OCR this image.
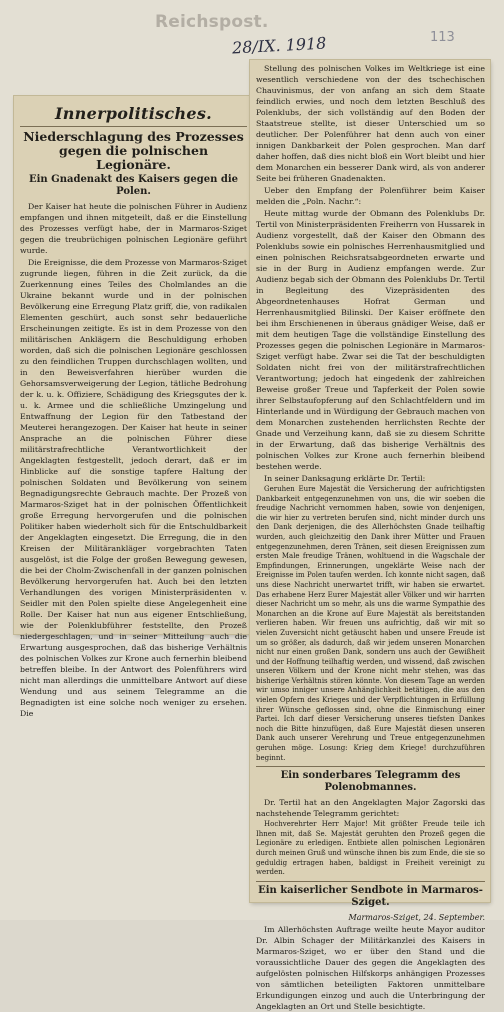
Reichspost.
28/IX. 1918	113
Innerpolitisches.
Niederschlagung des Prozesses gegen die polnischen Legionäre.
Ein Gnadenakt des Kaisers gegen die Polen.

Der Kaiser hat heute die polnischen Führer in Audienz empfangen und ihnen mitgeteilt, daß er die Einstellung des Prozesses verfügt habe, der in Marmaros-Sziget gegen die treubrüchigen polnischen Legionäre geführt wurde.

Die Ereignisse, die dem Prozesse von Marmaros-Sziget zugrunde liegen, führen in die Zeit zurück, da die Zuerkennung eines Teiles des Cholmlandes an die Ukraine bekannt wurde und in der polnischen Bevölkerung eine Erregung Platz griff, die, von radikalen Elementen geschürt, auch sonst sehr bedauerliche Erscheinungen zeitigte. Es ist in dem Prozesse von den militärischen Anklägern die Beschuldigung erhoben worden, daß sich die polnischen Legionäre geschlossen zu den feindlichen Truppen durchschlagen wollten, und in den Beweisverfahren hierüber wurden die Gehorsamsverweigerung der Legion, tätliche Bedrohung der k. u. k. Offiziere, Schädigung des Kriegsgutes der k. u. k. Armee und die schließliche Umzingelung und Entwaffnung der Legion für den Tatbestand der Meuterei herangezogen. Der Kaiser hat heute in seiner Ansprache an die polnischen Führer diese militärstrafrechtliche Verantwortlichkeit der Angeklagten festgestellt, jedoch derart, daß er im Hinblicke auf die sonstige tapfere Haltung der polnischen Soldaten und Bevölkerung von seinem Begnadigungsrechte Gebrauch machte. Der Prozeß von Marmaros-Sziget hat in der polnischen Öffentlichkeit große Erregung hervorgerufen und die polnischen Politiker haben wiederholt sich für die Entschuldbarkeit der Angeklagten eingesetzt. Die Erregung, die in den Kreisen der Militärankläger vorgebrachten Taten ausgelöst, ist die Folge der großen Bewegung gewesen, die bei der Cholm-Zwischenfall in der ganzen polnischen Bevölkerung hervorgerufen hat. Auch bei den letzten Verhandlungen des vorigen Ministerpräsidenten v. Seidler mit den Polen spielte diese Angelegenheit eine Rolle. Der Kaiser hat nun aus eigener Entschließung, wie der Polenklubführer feststellte, den Prozeß niedergeschlagen, und in seiner Mitteilung auch die Erwartung ausgesprochen, daß das bisherige Verhältnis des polnischen Volkes zur Krone auch fernerhin bleibend betreffen bleibe. In der Antwort des Polenführers wird nicht man allerdings die unmittelbare Antwort auf diese Wendung und aus seinem Telegramme an die Begnadigten ist eine solche noch weniger zu ersehen. Die

Stellung des polnischen Volkes im Weltkriege ist eine wesentlich verschiedene von der des tschechischen Chauvinismus, der von anfang an sich dem Staate feindlich erwies, und noch dem letzten Beschluß des Polenklubs, der sich vollständig auf den Boden der Staatstreue stellte, ist dieser Unterschied um so deutlicher. Der Polenführer hat denn auch von einer innigen Dankbarkeit der Polen gesprochen. Man darf daher hoffen, daß dies nicht bloß ein Wort bleibt und hier dem Monarchen ein besserer Dank wird, als von anderer Seite bei früheren Gnadenakten.

Ueber den Empfang der Polenführer beim Kaiser melden die „Poln. Nachr.“:

Heute mittag wurde der Obmann des Polenklubs Dr. Tertil von Ministerpräsidenten Freiherrn von Hussarek in Audienz vorgestellt, daß der Kaiser den Obmann des Polenklubs sowie ein polnisches Herrenhausmitglied und einen polnischen Reichsratsabgeordneten erwarte und sie in der Burg in Audienz empfangen werde. Zur Audienz begab sich der Obmann des Polenklubs Dr. Tertil in Begleitung des Vizepräsidenten des Abgeordnetenhauses Hofrat German und Herrenhausmitglied Bilinski. Der Kaiser eröffnete den bei ihm Erschienenen in überaus gnädiger Weise, daß er mit dem heutigen Tage die vollständige Einstellung des Prozesses gegen die polnischen Legionäre in Marmaros-Sziget verfügt habe. Zwar sei die Tat der beschuldigten Soldaten nicht frei von der militärstrafrechtlichen Verantwortung; jedoch hat eingedenk der zahlreichen Beweise großer Treue und Tapferkeit der Polen sowie ihrer Selbstaufopferung auf den Schlachtfeldern und im Hinterlande und in Würdigung der Gebrauch machen von dem Monarchen zustehenden herrlichsten Rechte der Gnade und Verzeihung kann, daß sie zu diesem Schritte in der Erwartung, daß das bisherige Verhältnis des polnischen Volkes zur Krone auch fernerhin bleibend bestehen werde.

In seiner Danksagung erklärte Dr. Tertil:

Geruhen Eure Majestät die Versicherung der aufrichtigsten Dankbarkeit entgegenzunehmen von uns, die wir soeben die freudige Nachricht vernommen haben, sowie von denjenigen, die wir hier zu vertreten berufen sind, nicht minder durch uns den Dank derjenigen, die des Allerhöchsten Gnade teilhaftig wurden, auch gleichzeitig den Dank ihrer Mütter und Frauen entgegenzunehmen, deren Tränen, seit diesen Ereignissen zum ersten Male freudige Tränen, wohltuend in die Wagschale der Empfindungen, Erinnerungen, ungeklärte Weise nach der Ereignisse im Polen taufen werden. Ich konnte nicht sagen, daß uns diese Nachricht unerwartet trifft, wir haben sie erwartet. Das erhabene Herz Eurer Majestät aller Völker und wir harrten dieser Nachricht um so mehr, als uns die warme Sympathie des Monarchen an die Krone auf Eure Majestät als bereitstanden verlieren haben. Wir freuen uns aufrichtig, daß wir mit so vielen Zuversicht nicht getäuscht haben und unsere Freude ist um so größer, als dadurch, daß wir jedem unseren Monarchen nicht nur einen großen Dank, sondern uns auch der Gewißheit und der Hoffnung teilhaftig werden, und wissend, daß zwischen unseren Völkern und der Krone nicht mehr stehen, was das bisherige Verhältnis stören könnte. Von diesem Tage an werden wir umso inniger unsere Anhänglichkeit betätigen, die aus den vielen Opfern des Krieges und der Verpflichtungen in Erfüllung ihrer Wünsche geflossen sind, ohne die Einmischung einer Partei. Ich darf dieser Versicherung unseres tiefsten Dankes noch die Bitte hinzufügen, daß Eure Majestät diesen unseren Dank auch unserer Verehrung und Treue entgegenzunehmen geruhen möge. Losung: Krieg dem Kriege! durchzuführen beginnt.

Ein sonderbares Telegramm des Polenobmannes.

Dr. Tertil hat an den Angeklagten Major Zagorski das nachstehende Telegramm gerichtet:

Hochverehrter Herr Major! Mit größter Freude teile ich Ihnen mit, daß Se. Majestät geruhten den Prozeß gegen die Legionäre zu erledigen. Entbiete allen polnischen Legionären durch meinen Gruß und wünsche ihnen bis zum Ende, die sie so geduldig ertragen haben, baldigst in Freiheit vereinigt zu werden.

Ein kaiserlicher Sendbote in Marmaros-Sziget.
Marmaros-Sziget, 24. September.

Im Allerhöchsten Auftrage weilte heute Mayor auditor Dr. Albin Schager der Militärkanzlei des Kaisers in Marmaros-Sziget, wo er über den Stand und die voraussichtliche Dauer des gegen die Angeklagten des aufgelösten polnischen Hilfskorps anhängigen Prozesses von sämtlichen beteiligten Faktoren unmittelbare Erkundigungen einzog und auch die Unterbringung der Angeklagten an Ort und Stelle besichtigte.
